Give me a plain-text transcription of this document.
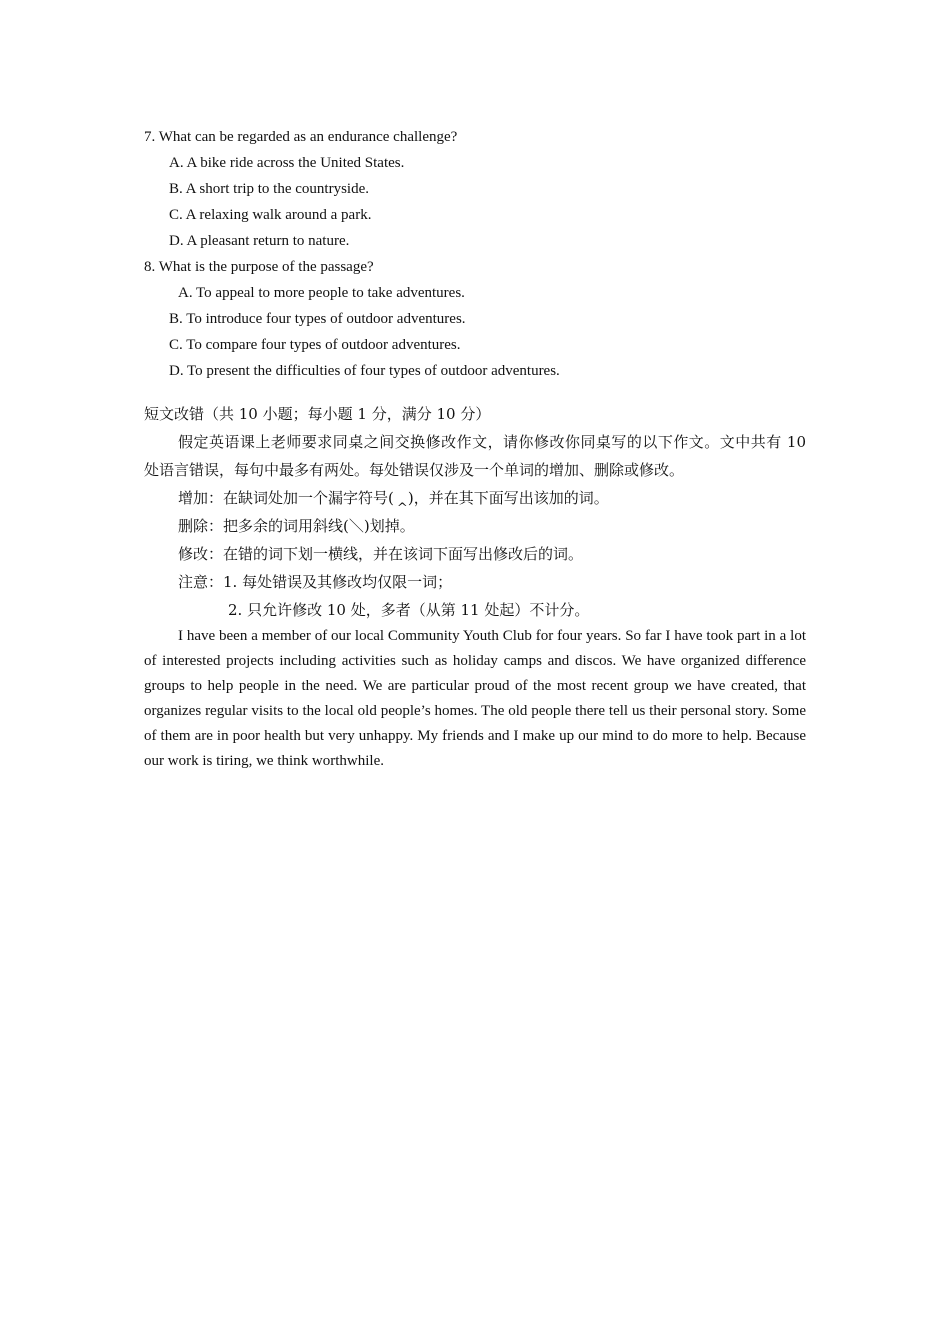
7. What can be regarded as an endurance challenge?
A. A bike ride across the United States.
B. A short trip to the countryside.
C. A relaxing walk around a park.
D. A pleasant return to nature.
8. What is the purpose of the passage?
A. To appeal to more people to take adventures.
B. To introduce four types of outdoor adventures.
C. To compare four types of outdoor adventures.
D. To present the difficulties of four types of outdoor adventures.
短文改错（共 10 小题；每小题 1 分，满分 10 分）
假定英语课上老师要求同桌之间交换修改作文，请你修改你同桌写的以下作文。文中共有 10 处语言错误，每句中最多有两处。每处错误仅涉及一个单词的增加、删除或修改。
增加：在缺词处加一个漏字符号(
^
)，并在其下面写出该加的词。
删除：把多余的词用斜线(＼)划掉。
修改：在错的词下划一横线，并在该词下面写出修改后的词。
注意：1. 每处错误及其修改均仅限一词；
2. 只允许修改 10 处，多者（从第 11 处起）不计分。
I have been a member of our local Community Youth Club for four years. So far I have took part in a lot of interested projects including activities such as holiday camps and discos. We have organized difference groups to help people in the need. We are particular proud of the most recent group we have created, that organizes regular visits to the local old people’s homes. The old people there tell us their personal story. Some of them are in poor health but very unhappy. My friends and I make up our mind to do more to help. Because our work is tiring, we think worthwhile.
